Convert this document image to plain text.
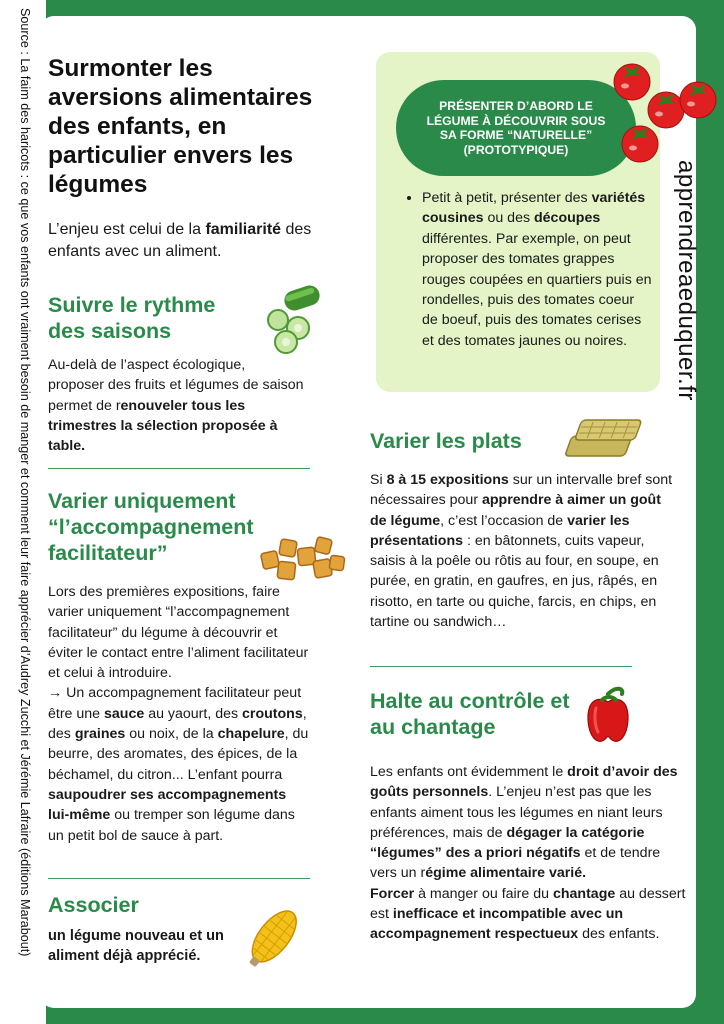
Source : La faim des haricots : ce que vos enfants ont vraiment besoin de manger et comment leur faire apprécier d’Audrey Zucchi et Jérémie Lafraire (éditions Marabout) Surmonter les aversions alimentaires des enfants, en particulier envers les légumes
L’enjeu est celui de la familiarité des enfants avec un aliment.
Suivre le rythme des saisons
Au-delà de l’aspect écologique, proposer des fruits et légumes de saison permet de renouveler tous les trimestres la sélection proposée à table.
Varier uniquement “l’accompagnement facilitateur”
Lors des premières expositions, faire varier uniquement “l’accompagnement facilitateur” du légume à découvrir et éviter le contact entre l’aliment facilitateur et celui à introduire.
→ Un accompagnement facilitateur peut être une sauce au yaourt, des croutons, des graines ou noix, de la chapelure, du beurre, des aromates, des épices, de la béchamel, du citron... L’enfant pourra saupoudrer ses accompagnements lui-même ou tremper son légume dans un petit bol de sauce à part.
Associer
un légume nouveau et un aliment déjà apprécié.
PRÉSENTER D’ABORD LE LÉGUME À DÉCOUVRIR SOUS SA FORME “NATURELLE” (PROTOTYPIQUE)
• Petit à petit, présenter des variétés cousines ou des découpes différentes. Par exemple, on peut proposer des tomates grappes rouges coupées en quartiers puis en rondelles, puis des tomates coeur de boeuf, puis des tomates cerises et des tomates jaunes ou noires.	apprendreaeduquer.fr
Varier les plats
Si 8 à 15 expositions sur un intervalle bref sont nécessaires pour apprendre à aimer un goût de légume, c’est l’occasion de varier les présentations : en bâtonnets, cuits vapeur, saisis à la poêle ou rôtis au four, en soupe, en purée, en gratin, en gaufres, en jus, râpés, en risotto, en tarte ou quiche, farcis, en chips, en tartine ou sandwich…
Halte au contrôle et au chantage
Les enfants ont évidemment le droit d’avoir des goûts personnels. L’enjeu n’est pas que les enfants aiment tous les légumes en niant leurs préférences, mais de dégager la catégorie “légumes” des a priori négatifs et de tendre vers un régime alimentaire varié.
Forcer à manger ou faire du chantage au dessert est inefficace et incompatible avec un accompagnement respectueux des enfants.
